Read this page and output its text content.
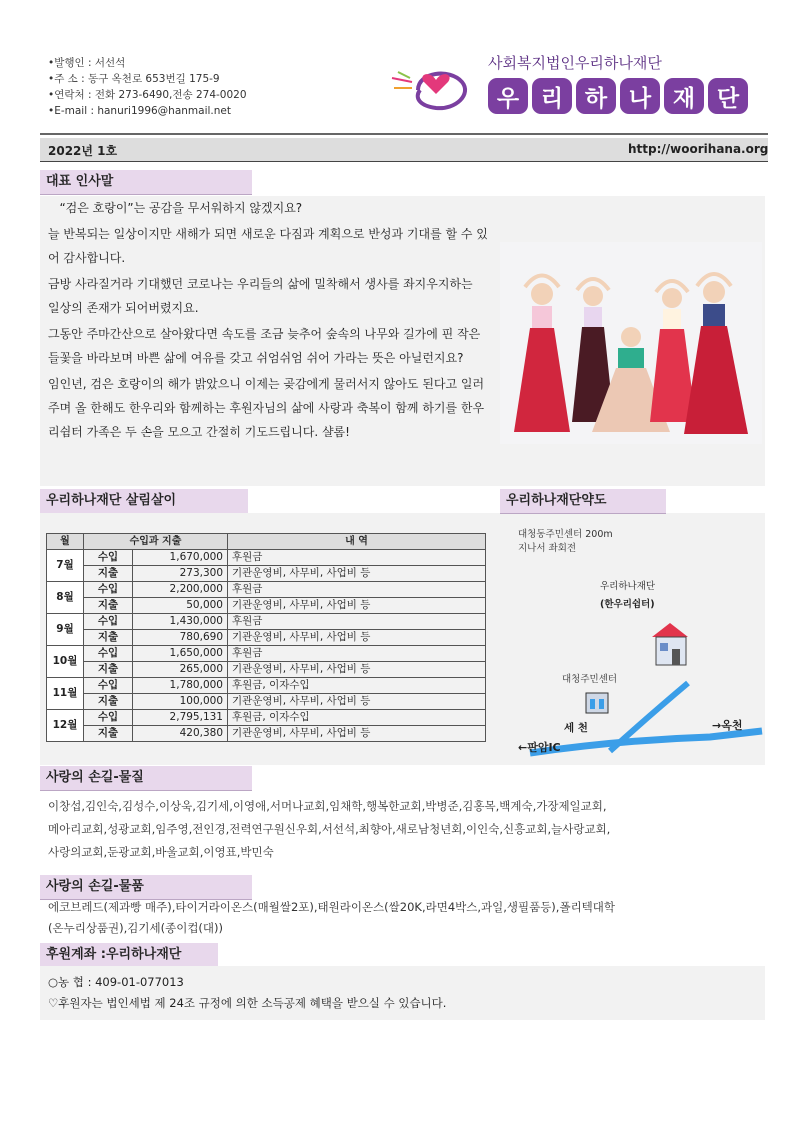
•발행인 : 서선석
•주 소 : 동구 옥천로 653번길 175-9
•연락처 : 전화 273-6490,전송 274-0020
•E-mail : hanuri1996@hanmail.net
사회복지법인우리하나재단
우 리 하 나 재 단
2022년 1호	http://woorihana.org
대표 인사말

“검은 호랑이”는 공감을 무서워하지 않겠지요?

늘 반복되는 일상이지만 새해가 되면 새로운 다짐과 계획으로 반성과 기대를 할 수 있어 감사합니다.

금방 사라질거라 기대했던 코로나는 우리들의 삶에 밀착해서 생사를 좌지우지하는 일상의 존재가 되어버렸지요.

그동안 주마간산으로 살아왔다면 속도를 조금 늦추어 숲속의 나무와 길가에 핀 작은 들꽃을 바라보며 바쁜 삶에 여유를 갖고 쉬엄쉬엄 쉬어 가라는 뜻은 아닐런지요?

임인년, 검은 호랑이의 해가 밝았으니 이제는 곶감에게 물러서지 않아도 된다고 일러주며 올 한해도 한우리와 함께하는 후원자님의 삶에 사랑과 축복이 함께 하기를 한우리쉼터 가족은 두 손을 모으고 간절히 기도드립니다. 샬롬!

우리하나재단 살림살이
월	수입과 지출		내 역
7월	수입	1,670,000	후원금
	지출	273,300	기관운영비, 사무비, 사업비 등
8월	수입	2,200,000	후원금
	지출	50,000	기관운영비, 사무비, 사업비 등
9월	수입	1,430,000	후원금
	지출	780,690	기관운영비, 사무비, 사업비 등
10월	수입	1,650,000	후원금
	지출	265,000	기관운영비, 사무비, 사업비 등
11월	수입	1,780,000	후원금, 이자수입
	지출	100,000	기관운영비, 사무비, 사업비 등
12월	수입	2,795,131	후원금, 이자수입
	지출	420,380	기관운영비, 사무비, 사업비 등
우리하나재단약도
대청동주민센터 200m
지나서 좌회전
우리하나재단
(한우리쉼터)
대청주민센터
세 천	→옥천
←판암IC
사랑의 손길-물질
이창섭,김인숙,김성수,이상욱,김기세,이영애,서머나교회,임채학,행복한교회,박병준,김홍목,백계숙,가장제일교회,
메아리교회,성광교회,임주영,전인경,전력연구원신우회,서선석,최향아,새로남청년회,이인숙,신흥교회,늘사랑교회,
사랑의교회,둔광교회,바울교회,이영표,박민숙
사랑의 손길-물품
에코브레드(제과빵 매주),타이거라이온스(매월쌀2포),태원라이온스(쌀20K,라면4박스,과일,생필품등),폴리텍대학
(온누리상품권),김기세(종이컵(대))
후원계좌 :우리하나재단
○농 협 : 409-01-077013
♡후원자는 법인세법 제 24조 규정에 의한 소득공제 혜택을 받으실 수 있습니다.
